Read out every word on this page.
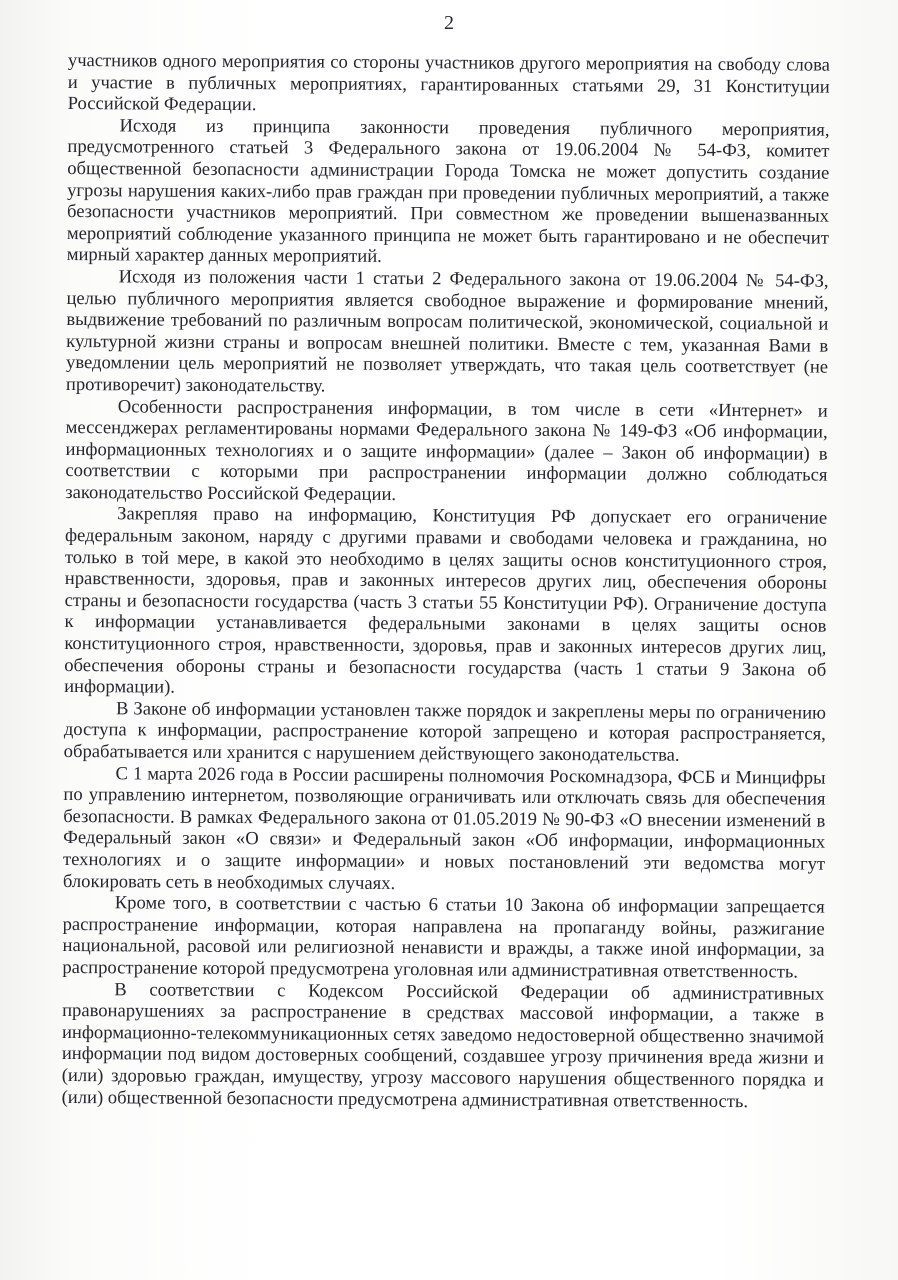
2

участников одного мероприятия со стороны участников другого мероприятия на свободу слова и участие в публичных мероприятиях, гарантированных статьями 29, 31 Конституции Российской Федерации.

Исходя из принципа законности проведения публичного мероприятия, предусмотренного статьей 3 Федерального закона от 19.06.2004 № 54-ФЗ, комитет общественной безопасности администрации Города Томска не может допустить создание угрозы нарушения каких-либо прав граждан при проведении публичных мероприятий, а также безопасности участников мероприятий. При совместном же проведении вышеназванных мероприятий соблюдение указанного принципа не может быть гарантировано и не обеспечит мирный характер данных мероприятий.

Исходя из положения части 1 статьи 2 Федерального закона от 19.06.2004 № 54-ФЗ, целью публичного мероприятия является свободное выражение и формирование мнений, выдвижение требований по различным вопросам политической, экономической, социальной и культурной жизни страны и вопросам внешней политики. Вместе с тем, указанная Вами в уведомлении цель мероприятий не позволяет утверждать, что такая цель соответствует (не противоречит) законодательству.

Особенности распространения информации, в том числе в сети «Интернет» и мессенджерах регламентированы нормами Федерального закона № 149-ФЗ «Об информации, информационных технологиях и о защите информации» (далее – Закон об информации) в соответствии с которыми при распространении информации должно соблюдаться законодательство Российской Федерации.

Закрепляя право на информацию, Конституция РФ допускает его ограничение федеральным законом, наряду с другими правами и свободами человека и гражданина, но только в той мере, в какой это необходимо в целях защиты основ конституционного строя, нравственности, здоровья, прав и законных интересов других лиц, обеспечения обороны страны и безопасности государства (часть 3 статьи 55 Конституции РФ). Ограничение доступа к информации устанавливается федеральными законами в целях защиты основ конституционного строя, нравственности, здоровья, прав и законных интересов других лиц, обеспечения обороны страны и безопасности государства (часть 1 статьи 9 Закона об информации).

В Законе об информации установлен также порядок и закреплены меры по ограничению доступа к информации, распространение которой запрещено и которая распространяется, обрабатывается или хранится с нарушением действующего законодательства.

С 1 марта 2026 года в России расширены полномочия Роскомнадзора, ФСБ и Минцифры по управлению интернетом, позволяющие ограничивать или отключать связь для обеспечения безопасности. В рамках Федерального закона от 01.05.2019 № 90-ФЗ «О внесении изменений в Федеральный закон «О связи» и Федеральный закон «Об информации, информационных технологиях и о защите информации» и новых постановлений эти ведомства могут блокировать сеть в необходимых случаях.

Кроме того, в соответствии с частью 6 статьи 10 Закона об информации запрещается распространение информации, которая направлена на пропаганду войны, разжигание национальной, расовой или религиозной ненависти и вражды, а также иной информации, за распространение которой предусмотрена уголовная или административная ответственность.

В соответствии с Кодексом Российской Федерации об административных правонарушениях за распространение в средствах массовой информации, а также в информационно-телекоммуникационных сетях заведомо недостоверной общественно значимой информации под видом достоверных сообщений, создавшее угрозу причинения вреда жизни и (или) здоровью граждан, имуществу, угрозу массового нарушения общественного порядка и (или) общественной безопасности предусмотрена административная ответственность.
